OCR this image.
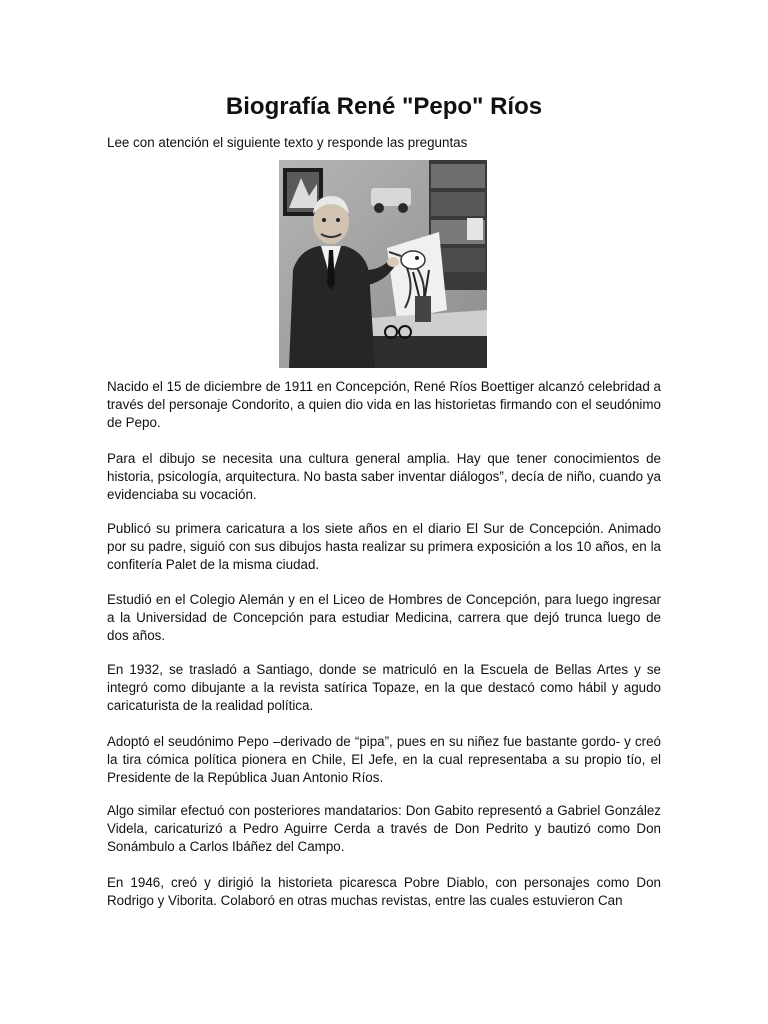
Biografía René "Pepo" Ríos

Lee con atención el siguiente texto y responde las preguntas

Nacido el 15 de diciembre de 1911 en Concepción, René Ríos Boettiger alcanzó celebridad a través del personaje Condorito, a quien dio vida en las historietas firmando con el seudónimo de Pepo.

Para el dibujo se necesita una cultura general amplia. Hay que tener conocimientos de historia, psicología, arquitectura. No basta saber inventar diálogos”, decía de niño, cuando ya evidenciaba su vocación.

Publicó su primera caricatura a los siete años en el diario El Sur de Concepción. Animado por su padre, siguió con sus dibujos hasta realizar su primera exposición a los 10 años, en la confitería Palet de la misma ciudad.

Estudió en el Colegio Alemán y en el Liceo de Hombres de Concepción, para luego ingresar a la Universidad de Concepción para estudiar Medicina, carrera que dejó trunca luego de dos años.

En 1932, se trasladó a Santiago, donde se matriculó en la Escuela de Bellas Artes y se integró como dibujante a la revista satírica Topaze, en la que destacó como hábil y agudo caricaturista de la realidad política.

Adoptó el seudónimo Pepo –derivado de “pipa”, pues en su niñez fue bastante gordo- y creó la tira cómica política pionera en Chile, El Jefe, en la cual representaba a su propio tío, el Presidente de la República Juan Antonio Ríos.

Algo similar efectuó con posteriores mandatarios: Don Gabito representó a Gabriel González Videla, caricaturizó a Pedro Aguirre Cerda a través de Don Pedrito y bautizó como Don Sonámbulo a Carlos Ibáñez del Campo.

En 1946, creó y dirigió la historieta picaresca Pobre Diablo, con personajes como Don Rodrigo y Viborita. Colaboró en otras muchas revistas, entre las cuales estuvieron Can
